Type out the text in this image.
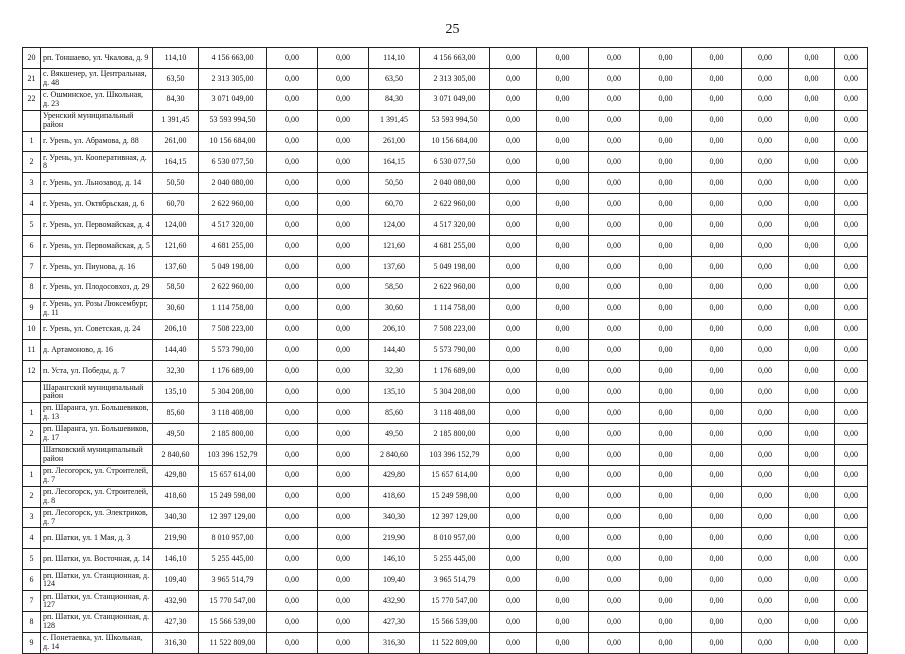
25
20	рп. Тоншаево, ул. Чкалова, д. 9	114,10	4 156 663,00	0,00	0,00	114,10	4 156 663,00	0,00	0,00	0,00	0,00	0,00	0,00	0,00	0,00
21	с. Вякшенер, ул. Центральная, д. 48	63,50	2 313 305,00	0,00	0,00	63,50	2 313 305,00	0,00	0,00	0,00	0,00	0,00	0,00	0,00	0,00
22	с. Ошминское, ул. Школьная, д. 23	84,30	3 071 049,00	0,00	0,00	84,30	3 071 049,00	0,00	0,00	0,00	0,00	0,00	0,00	0,00	0,00
	Уренский муниципальный район	1 391,45	53 593 994,50	0,00	0,00	1 391,45	53 593 994,50	0,00	0,00	0,00	0,00	0,00	0,00	0,00	0,00
1	г. Урень, ул. Абрамова, д. 88	261,00	10 156 684,00	0,00	0,00	261,00	10 156 684,00	0,00	0,00	0,00	0,00	0,00	0,00	0,00	0,00
2	г. Урень, ул. Кооперативная, д. 8	164,15	6 530 077,50	0,00	0,00	164,15	6 530 077,50	0,00	0,00	0,00	0,00	0,00	0,00	0,00	0,00
3	г. Урень, ул. Льнозавод, д. 14	50,50	2 040 080,00	0,00	0,00	50,50	2 040 080,00	0,00	0,00	0,00	0,00	0,00	0,00	0,00	0,00
4	г. Урень, ул. Октябрьская, д. 6	60,70	2 622 960,00	0,00	0,00	60,70	2 622 960,00	0,00	0,00	0,00	0,00	0,00	0,00	0,00	0,00
5	г. Урень, ул. Первомайская, д. 4	124,00	4 517 320,00	0,00	0,00	124,00	4 517 320,00	0,00	0,00	0,00	0,00	0,00	0,00	0,00	0,00
6	г. Урень, ул. Первомайская, д. 5	121,60	4 681 255,00	0,00	0,00	121,60	4 681 255,00	0,00	0,00	0,00	0,00	0,00	0,00	0,00	0,00
7	г. Урень, ул. Пиунова, д. 16	137,60	5 049 198,00	0,00	0,00	137,60	5 049 198,00	0,00	0,00	0,00	0,00	0,00	0,00	0,00	0,00
8	г. Урень, ул. Плодосовхоз, д. 29	58,50	2 622 960,00	0,00	0,00	58,50	2 622 960,00	0,00	0,00	0,00	0,00	0,00	0,00	0,00	0,00
9	г. Урень, ул. Розы Люксембург, д. 11	30,60	1 114 758,00	0,00	0,00	30,60	1 114 758,00	0,00	0,00	0,00	0,00	0,00	0,00	0,00	0,00
10	г. Урень, ул. Советская, д. 24	206,10	7 508 223,00	0,00	0,00	206,10	7 508 223,00	0,00	0,00	0,00	0,00	0,00	0,00	0,00	0,00
11	д. Артамоново, д. 16	144,40	5 573 790,00	0,00	0,00	144,40	5 573 790,00	0,00	0,00	0,00	0,00	0,00	0,00	0,00	0,00
12	п. Уста, ул. Победы, д. 7	32,30	1 176 689,00	0,00	0,00	32,30	1 176 689,00	0,00	0,00	0,00	0,00	0,00	0,00	0,00	0,00
	Шарангский муниципальный район	135,10	5 304 208,00	0,00	0,00	135,10	5 304 208,00	0,00	0,00	0,00	0,00	0,00	0,00	0,00	0,00
1	рп. Шаранга, ул. Большевиков, д. 13	85,60	3 118 408,00	0,00	0,00	85,60	3 118 408,00	0,00	0,00	0,00	0,00	0,00	0,00	0,00	0,00
2	рп. Шаранга, ул. Большевиков, д. 17	49,50	2 185 800,00	0,00	0,00	49,50	2 185 800,00	0,00	0,00	0,00	0,00	0,00	0,00	0,00	0,00
	Шатковский муниципальный район	2 840,60	103 396 152,79	0,00	0,00	2 840,60	103 396 152,79	0,00	0,00	0,00	0,00	0,00	0,00	0,00	0,00
1	рп. Лесогорск, ул. Строителей, д. 7	429,80	15 657 614,00	0,00	0,00	429,80	15 657 614,00	0,00	0,00	0,00	0,00	0,00	0,00	0,00	0,00
2	рп. Лесогорск, ул. Строителей, д. 8	418,60	15 249 598,00	0,00	0,00	418,60	15 249 598,00	0,00	0,00	0,00	0,00	0,00	0,00	0,00	0,00
3	рп. Лесогорск, ул. Электриков, д. 7	340,30	12 397 129,00	0,00	0,00	340,30	12 397 129,00	0,00	0,00	0,00	0,00	0,00	0,00	0,00	0,00
4	рп. Шатки, ул. 1 Мая, д. 3	219,90	8 010 957,00	0,00	0,00	219,90	8 010 957,00	0,00	0,00	0,00	0,00	0,00	0,00	0,00	0,00
5	рп. Шатки, ул. Восточная, д. 14	146,10	5 255 445,00	0,00	0,00	146,10	5 255 445,00	0,00	0,00	0,00	0,00	0,00	0,00	0,00	0,00
6	рп. Шатки, ул. Станционная, д. 124	109,40	3 965 514,79	0,00	0,00	109,40	3 965 514,79	0,00	0,00	0,00	0,00	0,00	0,00	0,00	0,00
7	рп. Шатки, ул. Станционная, д. 127	432,90	15 770 547,00	0,00	0,00	432,90	15 770 547,00	0,00	0,00	0,00	0,00	0,00	0,00	0,00	0,00
8	рп. Шатки, ул. Станционная, д. 128	427,30	15 566 539,00	0,00	0,00	427,30	15 566 539,00	0,00	0,00	0,00	0,00	0,00	0,00	0,00	0,00
9	с. Понетаевка, ул. Школьная, д. 14	316,30	11 522 809,00	0,00	0,00	316,30	11 522 809,00	0,00	0,00	0,00	0,00	0,00	0,00	0,00	0,00
